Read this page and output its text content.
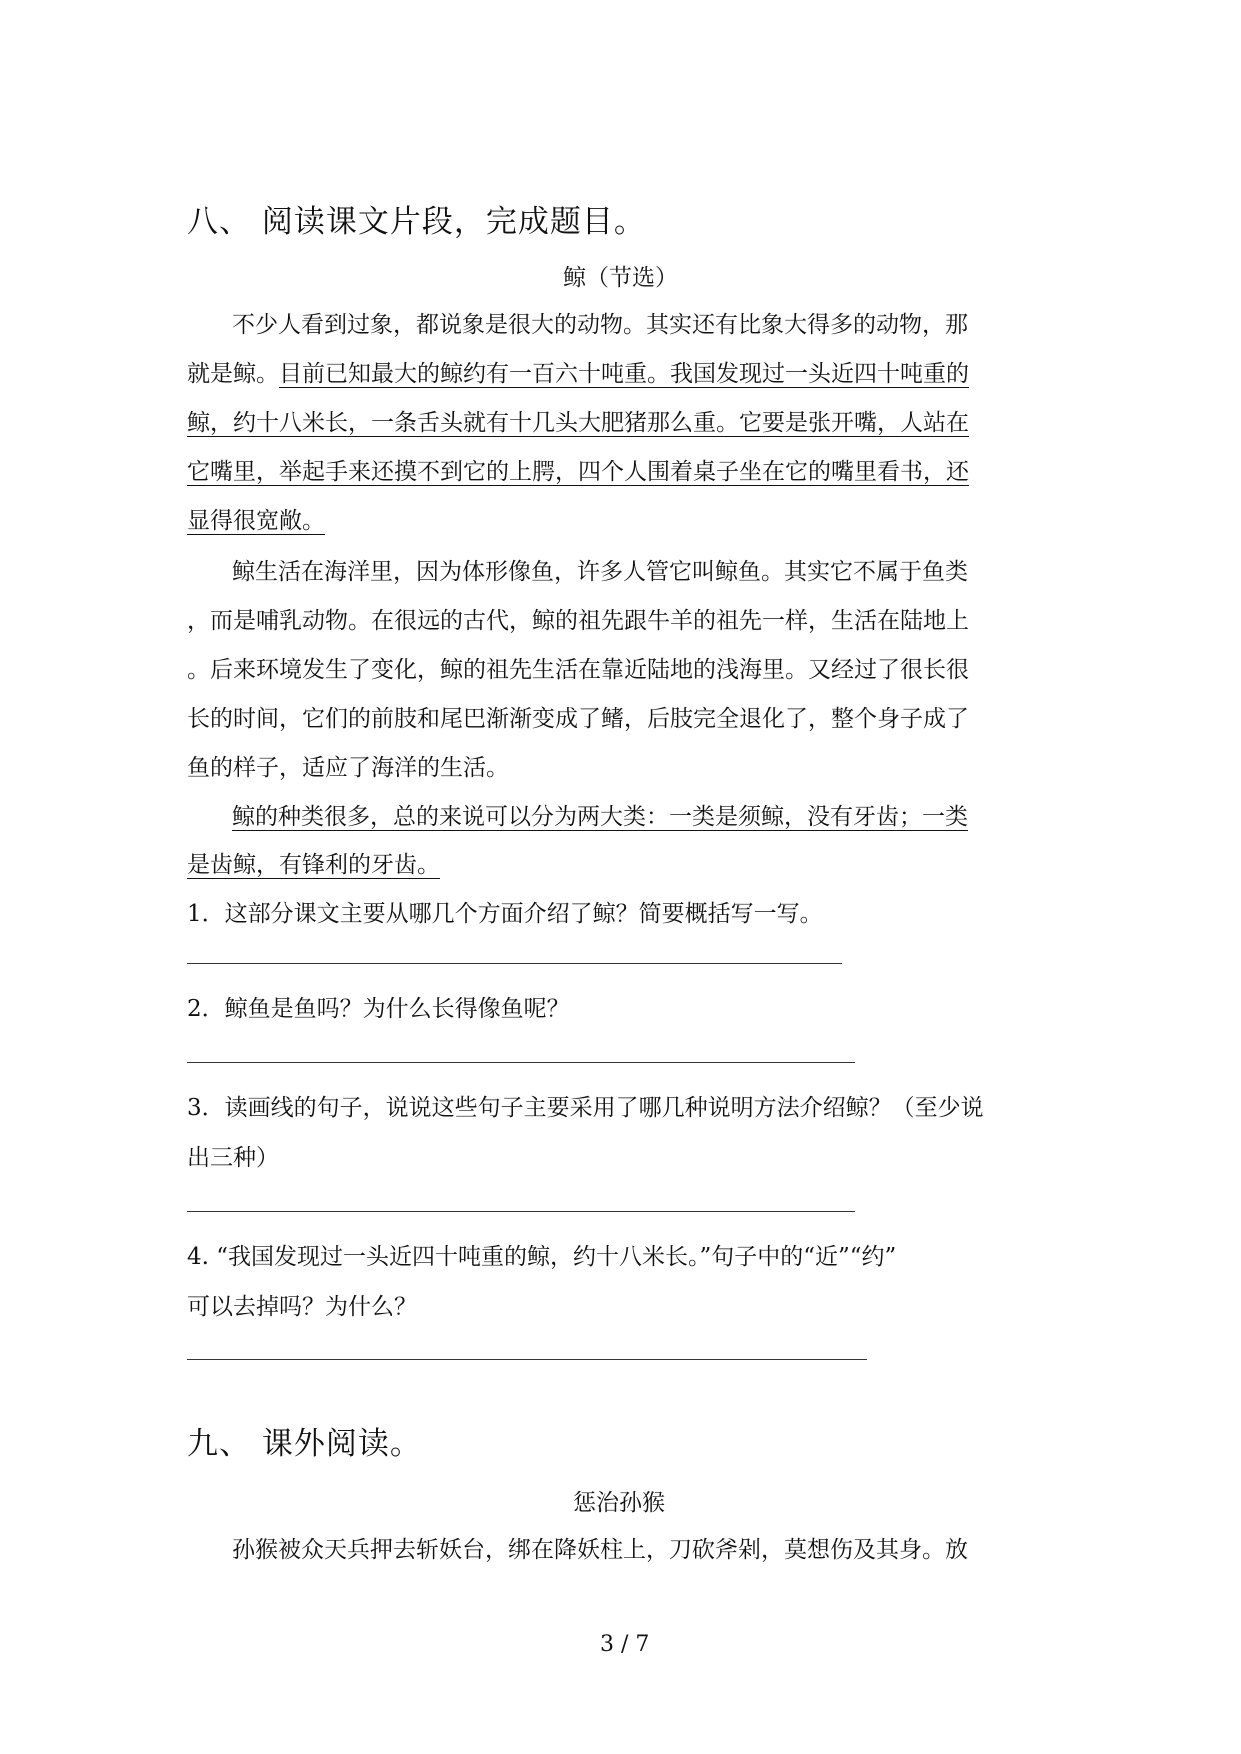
八、 阅读课文片段，完成题目。
鲸（节选）
不少人看到过象，都说象是很大的动物。其实还有比象大得多的动物，那
就是鲸。目前已知最大的鲸约有一百六十吨重。我国发现过一头近四十吨重的
鲸，约十八米长，一条舌头就有十几头大肥猪那么重。它要是张开嘴，人站在
它嘴里，举起手来还摸不到它的上腭，四个人围着桌子坐在它的嘴里看书，还
显得很宽敞。
鲸生活在海洋里，因为体形像鱼，许多人管它叫鲸鱼。其实它不属于鱼类
，而是哺乳动物。在很远的古代，鲸的祖先跟牛羊的祖先一样，生活在陆地上
。后来环境发生了变化，鲸的祖先生活在靠近陆地的浅海里。又经过了很长很
长的时间，它们的前肢和尾巴渐渐变成了鳍，后肢完全退化了，整个身子成了
鱼的样子，适应了海洋的生活。
鲸的种类很多，总的来说可以分为两大类：一类是须鲸，没有牙齿；一类
是齿鲸，有锋利的牙齿。
1．这部分课文主要从哪几个方面介绍了鲸？简要概括写一写。
2．鲸鱼是鱼吗？为什么长得像鱼呢？
3．读画线的句子，说说这些句子主要采用了哪几种说明方法介绍鲸？（至少说
出三种）
4. “我国发现过一头近四十吨重的鲸，约十八米长。”句子中的“近”“约”
可以去掉吗？为什么？
九、 课外阅读。
惩治孙猴
孙猴被众天兵押去斩妖台，绑在降妖柱上，刀砍斧剁，莫想伤及其身。放
3 / 7
